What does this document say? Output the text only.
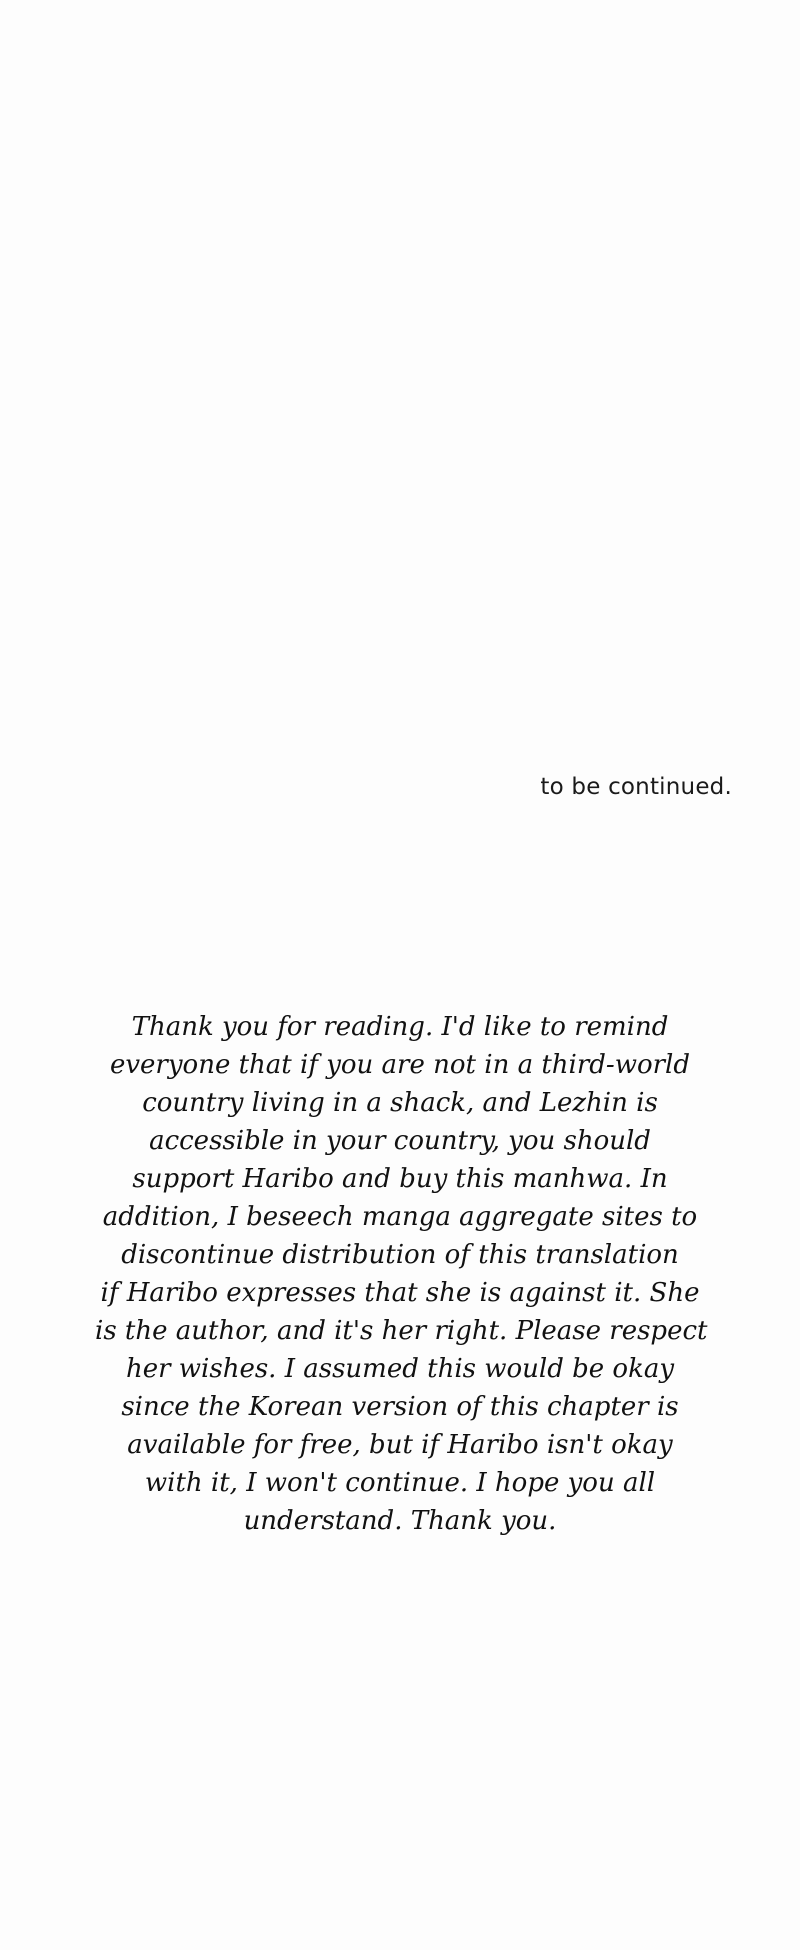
to be continued.

Thank you for reading. I'd like to remind
everyone that if you are not in a third-world
country living in a shack, and Lezhin is
accessible in your country, you should
support Haribo and buy this manhwa. In
addition, I beseech manga aggregate sites to
discontinue distribution of this translation
if Haribo expresses that she is against it. She
is the author, and it's her right. Please respect
her wishes. I assumed this would be okay
since the Korean version of this chapter is
available for free, but if Haribo isn't okay
with it, I won't continue. I hope you all
understand. Thank you.
